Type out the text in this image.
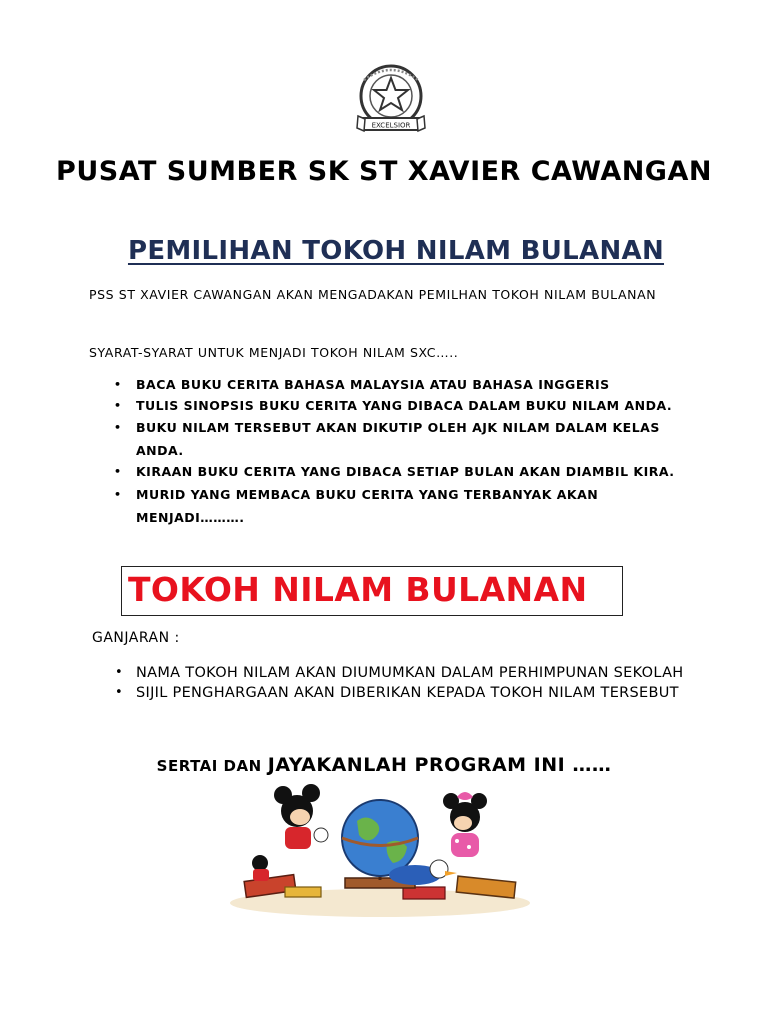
EXCELSIOR
PUSAT SUMBER SK ST XAVIER CAWANGAN
PEMILIHAN TOKOH NILAM BULANAN
PSS ST XAVIER CAWANGAN AKAN MENGADAKAN PEMILHAN TOKOH NILAM BULANAN
SYARAT-SYARAT UNTUK MENJADI TOKOH NILAM SXC…..
• BACA BUKU CERITA BAHASA MALAYSIA ATAU BAHASA INGGERIS
• TULIS SINOPSIS BUKU CERITA YANG DIBACA DALAM BUKU NILAM ANDA.
• BUKU NILAM TERSEBUT AKAN DIKUTIP OLEH AJK NILAM DALAM KELAS ANDA.
• KIRAAN BUKU CERITA YANG DIBACA SETIAP BULAN AKAN DIAMBIL KIRA.
• MURID YANG MEMBACA BUKU CERITA YANG TERBANYAK AKAN MENJADI……….
TOKOH NILAM BULANAN
GANJARAN :
• NAMA TOKOH NILAM AKAN DIUMUMKAN DALAM PERHIMPUNAN SEKOLAH
• SIJIL PENGHARGAAN AKAN DIBERIKAN KEPADA TOKOH NILAM TERSEBUT
SERTAI DAN JAYAKANLAH PROGRAM INI ……
